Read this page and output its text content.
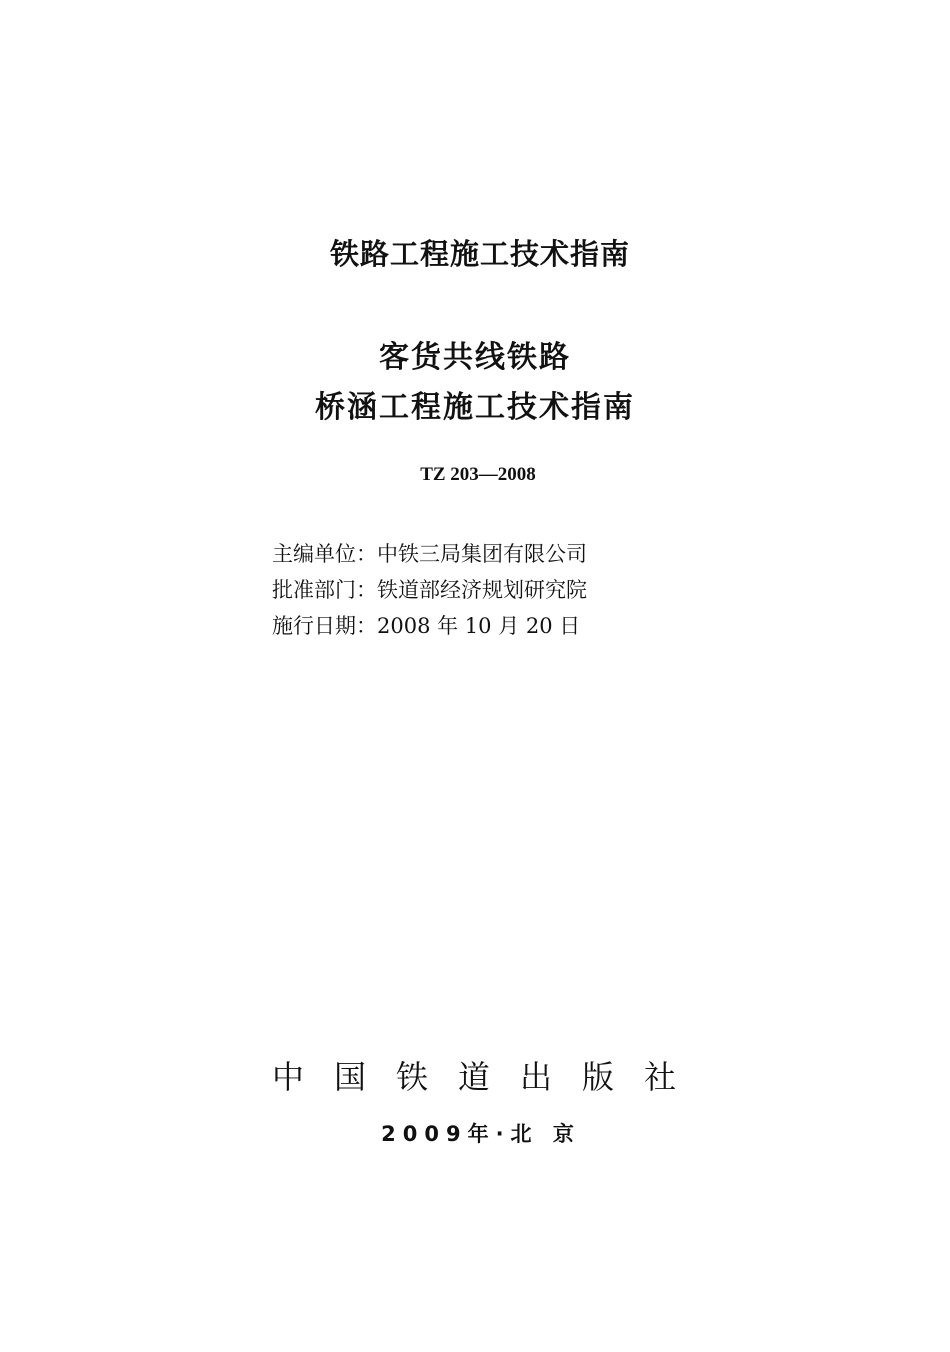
铁路工程施工技术指南
客货共线铁路
桥涵工程施工技术指南
TZ 203—2008
主编单位：中铁三局集团有限公司
批准部门：铁道部经济规划研究院
施行日期：2008 年 10 月 20 日
中国铁道出版社
2009年·北 京
